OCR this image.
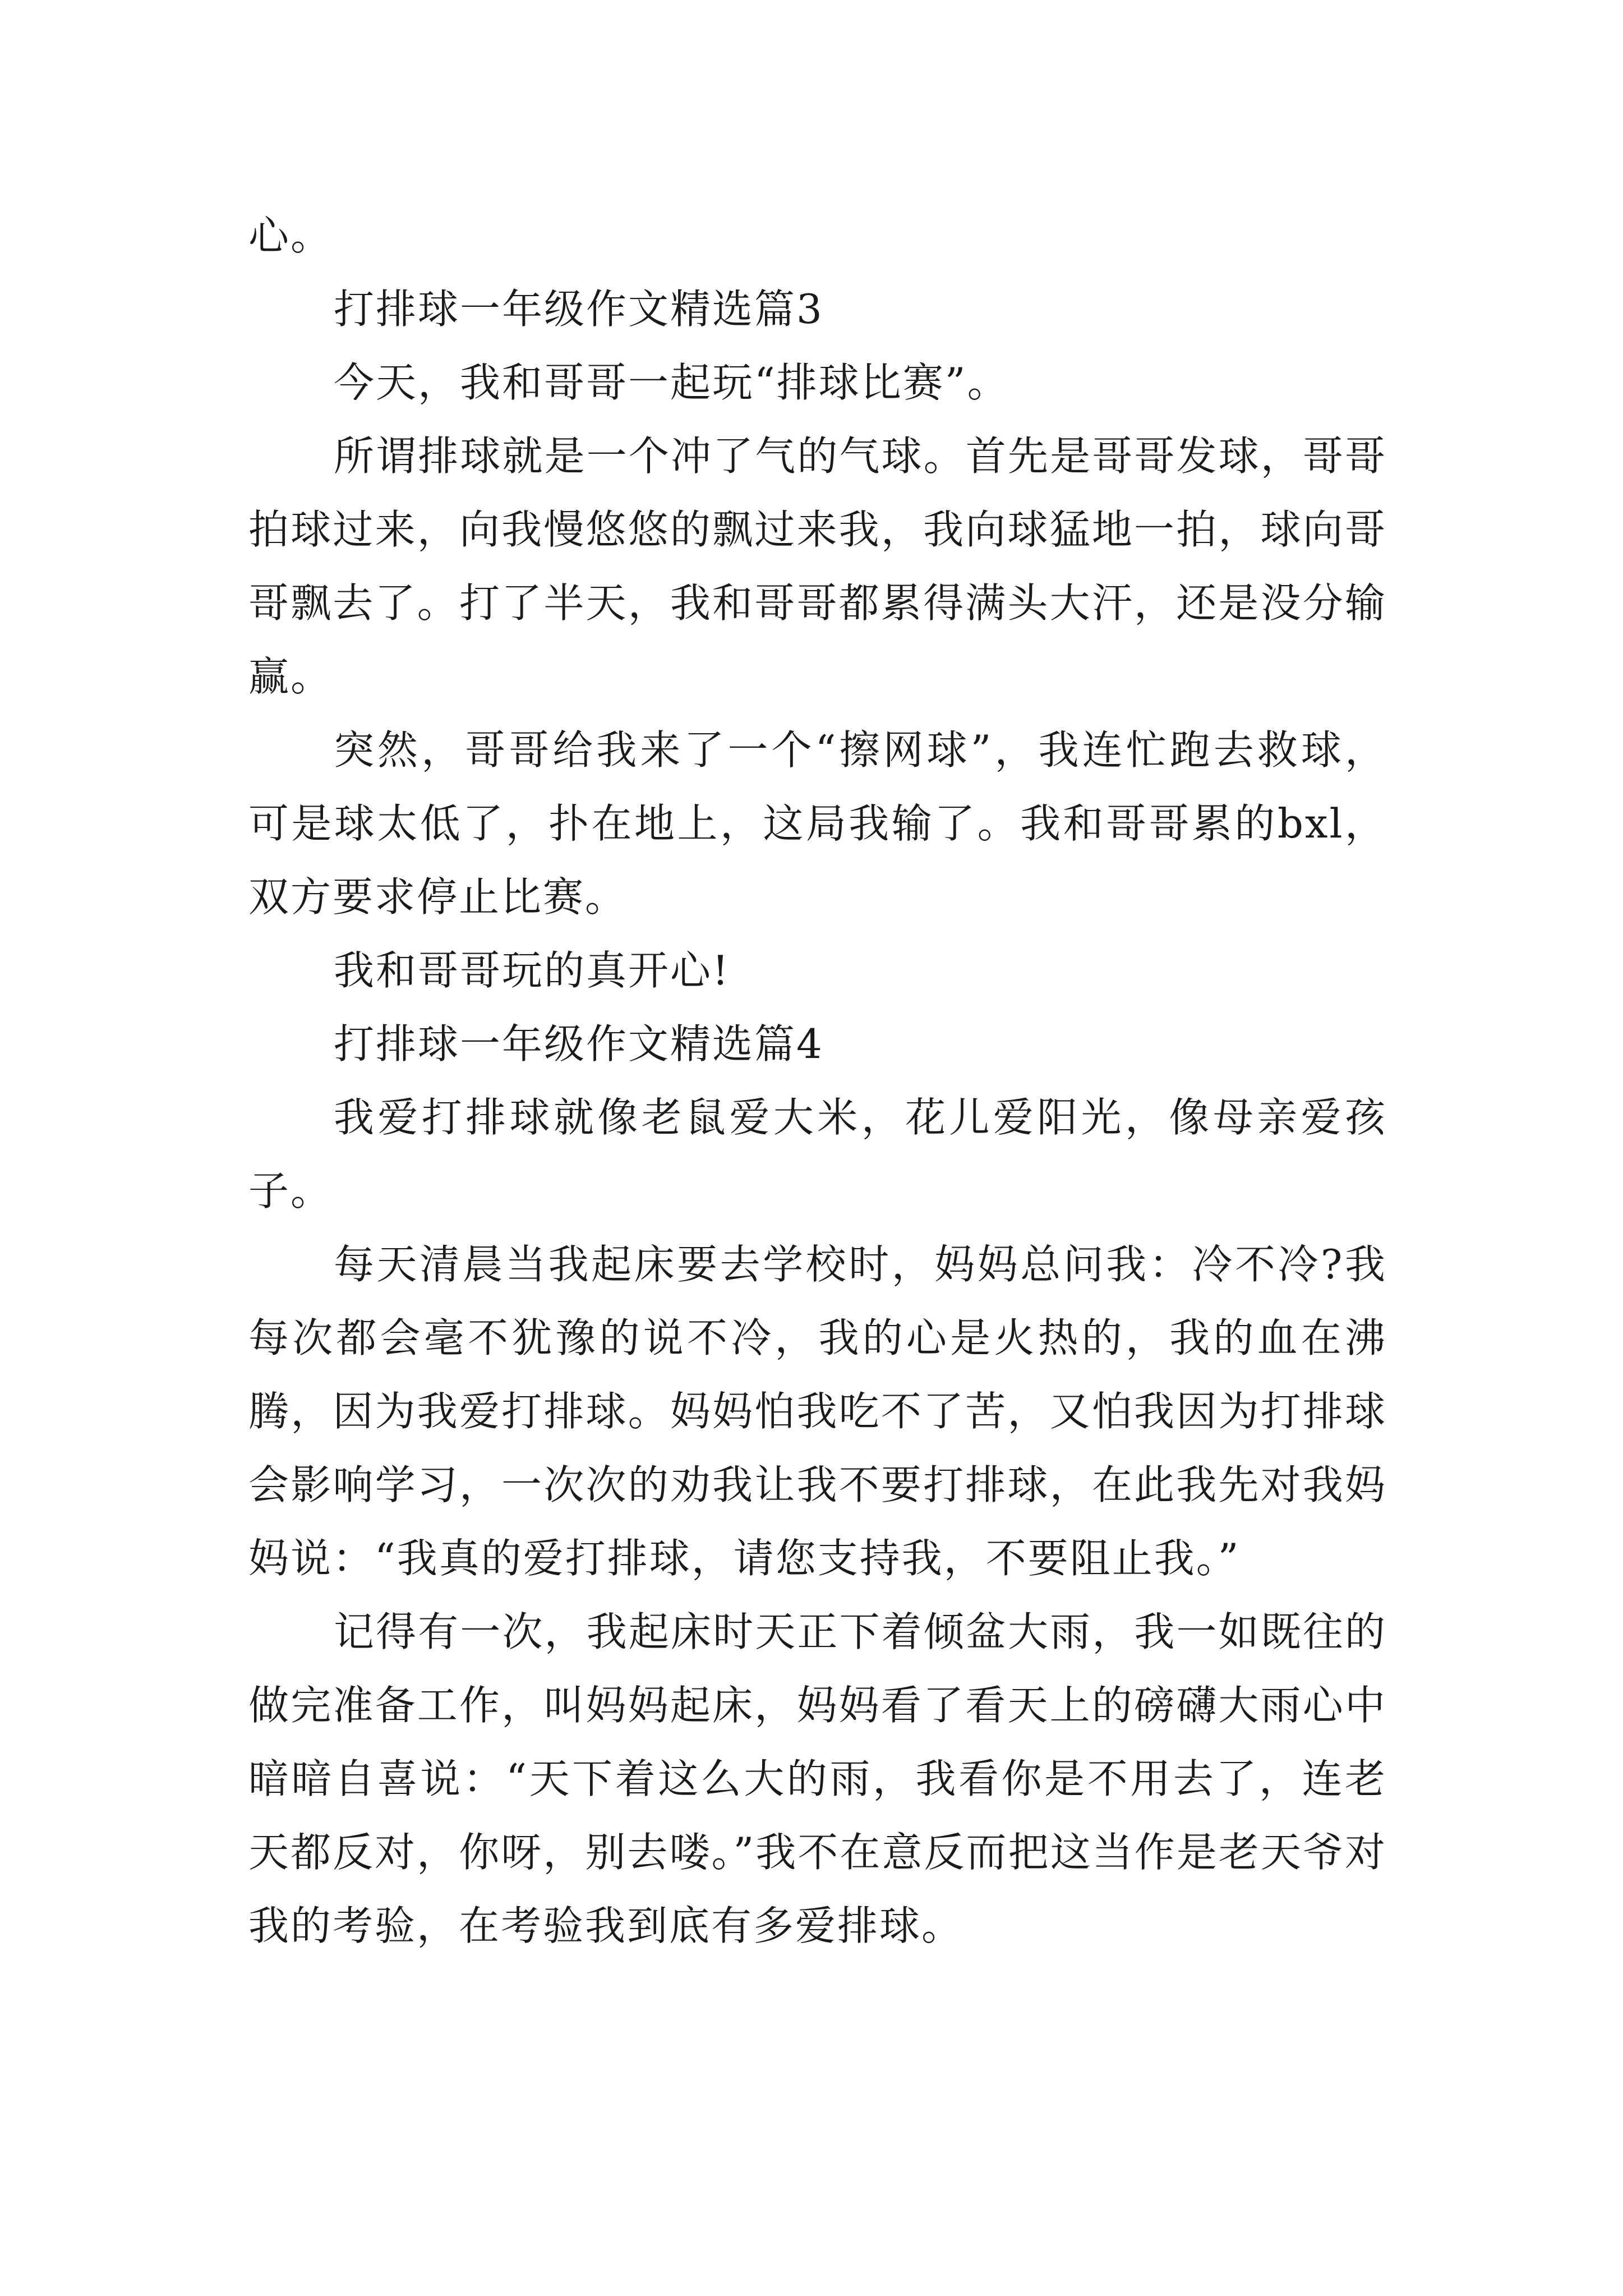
心。

打排球一年级作文精选篇3

今天，我和哥哥一起玩“排球比赛”。

所谓排球就是一个冲了气的气球。首先是哥哥发球，哥哥拍球过来，向我慢悠悠的飘过来我，我向球猛地一拍，球向哥哥飘去了。打了半天，我和哥哥都累得满头大汗，还是没分输赢。

突然，哥哥给我来了一个“擦网球”，我连忙跑去救球，可是球太低了，扑在地上，这局我输了。我和哥哥累的bxl，双方要求停止比赛。

我和哥哥玩的真开心!

打排球一年级作文精选篇4

我爱打排球就像老鼠爱大米，花儿爱阳光，像母亲爱孩子。

每天清晨当我起床要去学校时，妈妈总问我：冷不冷?我每次都会毫不犹豫的说不冷，我的心是火热的，我的血在沸腾，因为我爱打排球。妈妈怕我吃不了苦，又怕我因为打排球会影响学习，一次次的劝我让我不要打排球，在此我先对我妈妈说：“我真的爱打排球，请您支持我，不要阻止我。”

记得有一次，我起床时天正下着倾盆大雨，我一如既往的做完准备工作，叫妈妈起床，妈妈看了看天上的磅礴大雨心中暗暗自喜说：“天下着这么大的雨，我看你是不用去了，连老天都反对，你呀，别去喽。”我不在意反而把这当作是老天爷对我的考验，在考验我到底有多爱排球。
